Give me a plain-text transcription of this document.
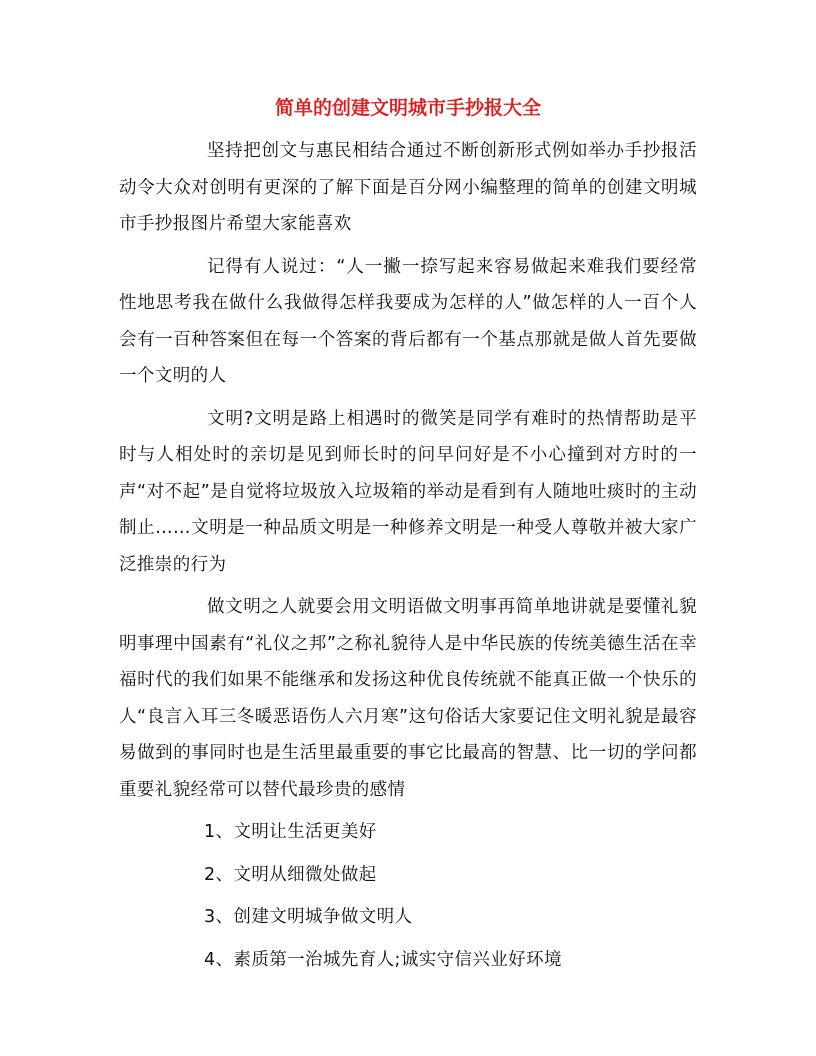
简单的创建文明城市手抄报大全

坚持把创文与惠民相结合通过不断创新形式例如举办手抄报活动令大众对创明有更深的了解下面是百分网小编整理的简单的创建文明城市手抄报图片希望大家能喜欢

记得有人说过：“人一撇一捺写起来容易做起来难我们要经常性地思考我在做什么我做得怎样我要成为怎样的人”做怎样的人一百个人会有一百种答案但在每一个答案的背后都有一个基点那就是做人首先要做一个文明的人

文明?文明是路上相遇时的微笑是同学有难时的热情帮助是平时与人相处时的亲切是见到师长时的问早问好是不小心撞到对方时的一声“对不起”是自觉将垃圾放入垃圾箱的举动是看到有人随地吐痰时的主动制止……文明是一种品质文明是一种修养文明是一种受人尊敬并被大家广泛推崇的行为

做文明之人就要会用文明语做文明事再简单地讲就是要懂礼貌明事理中国素有“礼仪之邦”之称礼貌待人是中华民族的传统美德生活在幸福时代的我们如果不能继承和发扬这种优良传统就不能真正做一个快乐的人“良言入耳三冬暖恶语伤人六月寒”这句俗话大家要记住文明礼貌是最容易做到的事同时也是生活里最重要的事它比最高的智慧、比一切的学问都重要礼貌经常可以替代最珍贵的感情

1、文明让生活更美好

2、文明从细微处做起

3、创建文明城争做文明人

4、素质第一治城先育人;诚实守信兴业好环境
